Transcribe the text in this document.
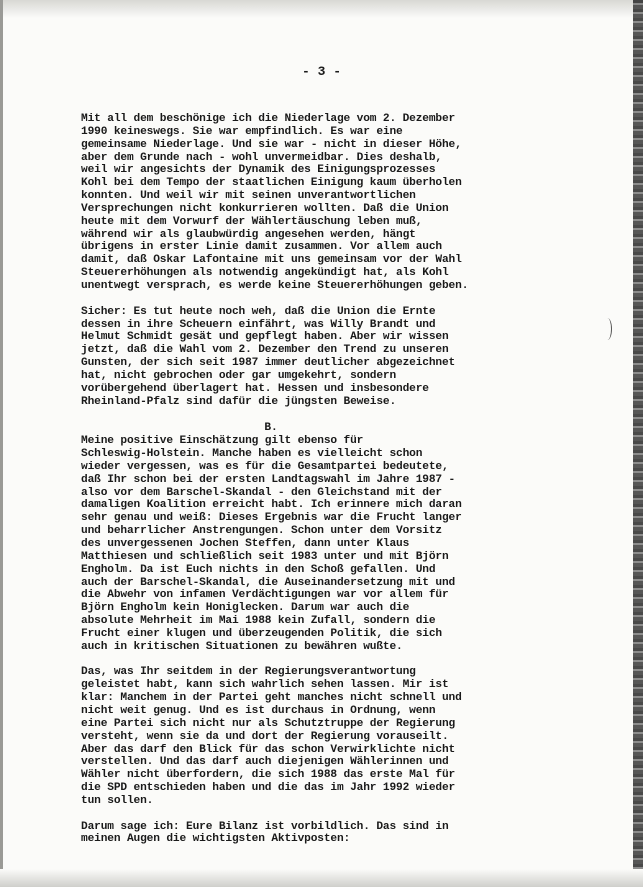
- 3 -

Mit all dem beschönige ich die Niederlage vom 2. Dezember
1990 keineswegs. Sie war empfindlich. Es war eine
gemeinsame Niederlage. Und sie war - nicht in dieser Höhe,
aber dem Grunde nach - wohl unvermeidbar. Dies deshalb,
weil wir angesichts der Dynamik des Einigungsprozesses
Kohl bei dem Tempo der staatlichen Einigung kaum überholen
konnten. Und weil wir mit seinen unverantwortlichen
Versprechungen nicht konkurrieren wollten. Daß die Union
heute mit dem Vorwurf der Wählertäuschung leben muß,
während wir als glaubwürdig angesehen werden, hängt
übrigens in erster Linie damit zusammen. Vor allem auch
damit, daß Oskar Lafontaine mit uns gemeinsam vor der Wahl
Steuererhöhungen als notwendig angekündigt hat, als Kohl
unentwegt versprach, es werde keine Steuererhöhungen geben.

Sicher: Es tut heute noch weh, daß die Union die Ernte
dessen in ihre Scheuern einfährt, was Willy Brandt und
Helmut Schmidt gesät und gepflegt haben. Aber wir wissen
jetzt, daß die Wahl vom 2. Dezember den Trend zu unseren
Gunsten, der sich seit 1987 immer deutlicher abgezeichnet
hat, nicht gebrochen oder gar umgekehrt, sondern
vorübergehend überlagert hat. Hessen und insbesondere
Rheinland-Pfalz sind dafür die jüngsten Beweise.

B.

Meine positive Einschätzung gilt ebenso für
Schleswig-Holstein. Manche haben es vielleicht schon
wieder vergessen, was es für die Gesamtpartei bedeutete,
daß Ihr schon bei der ersten Landtagswahl im Jahre 1987 -
also vor dem Barschel-Skandal - den Gleichstand mit der
damaligen Koalition erreicht habt. Ich erinnere mich daran
sehr genau und weiß: Dieses Ergebnis war die Frucht langer
und beharrlicher Anstrengungen. Schon unter dem Vorsitz
des unvergessenen Jochen Steffen, dann unter Klaus
Matthiesen und schließlich seit 1983 unter und mit Björn
Engholm. Da ist Euch nichts in den Schoß gefallen. Und
auch der Barschel-Skandal, die Auseinandersetzung mit und
die Abwehr von infamen Verdächtigungen war vor allem für
Björn Engholm kein Honiglecken. Darum war auch die
absolute Mehrheit im Mai 1988 kein Zufall, sondern die
Frucht einer klugen und überzeugenden Politik, die sich
auch in kritischen Situationen zu bewähren wußte.

Das, was Ihr seitdem in der Regierungsverantwortung
geleistet habt, kann sich wahrlich sehen lassen. Mir ist
klar: Manchem in der Partei geht manches nicht schnell und
nicht weit genug. Und es ist durchaus in Ordnung, wenn
eine Partei sich nicht nur als Schutztruppe der Regierung
versteht, wenn sie da und dort der Regierung vorauseilt.
Aber das darf den Blick für das schon Verwirklichte nicht
verstellen. Und das darf auch diejenigen Wählerinnen und
Wähler nicht überfordern, die sich 1988 das erste Mal für
die SPD entschieden haben und die das im Jahr 1992 wieder
tun sollen.

Darum sage ich: Eure Bilanz ist vorbildlich. Das sind in
meinen Augen die wichtigsten Aktivposten:
